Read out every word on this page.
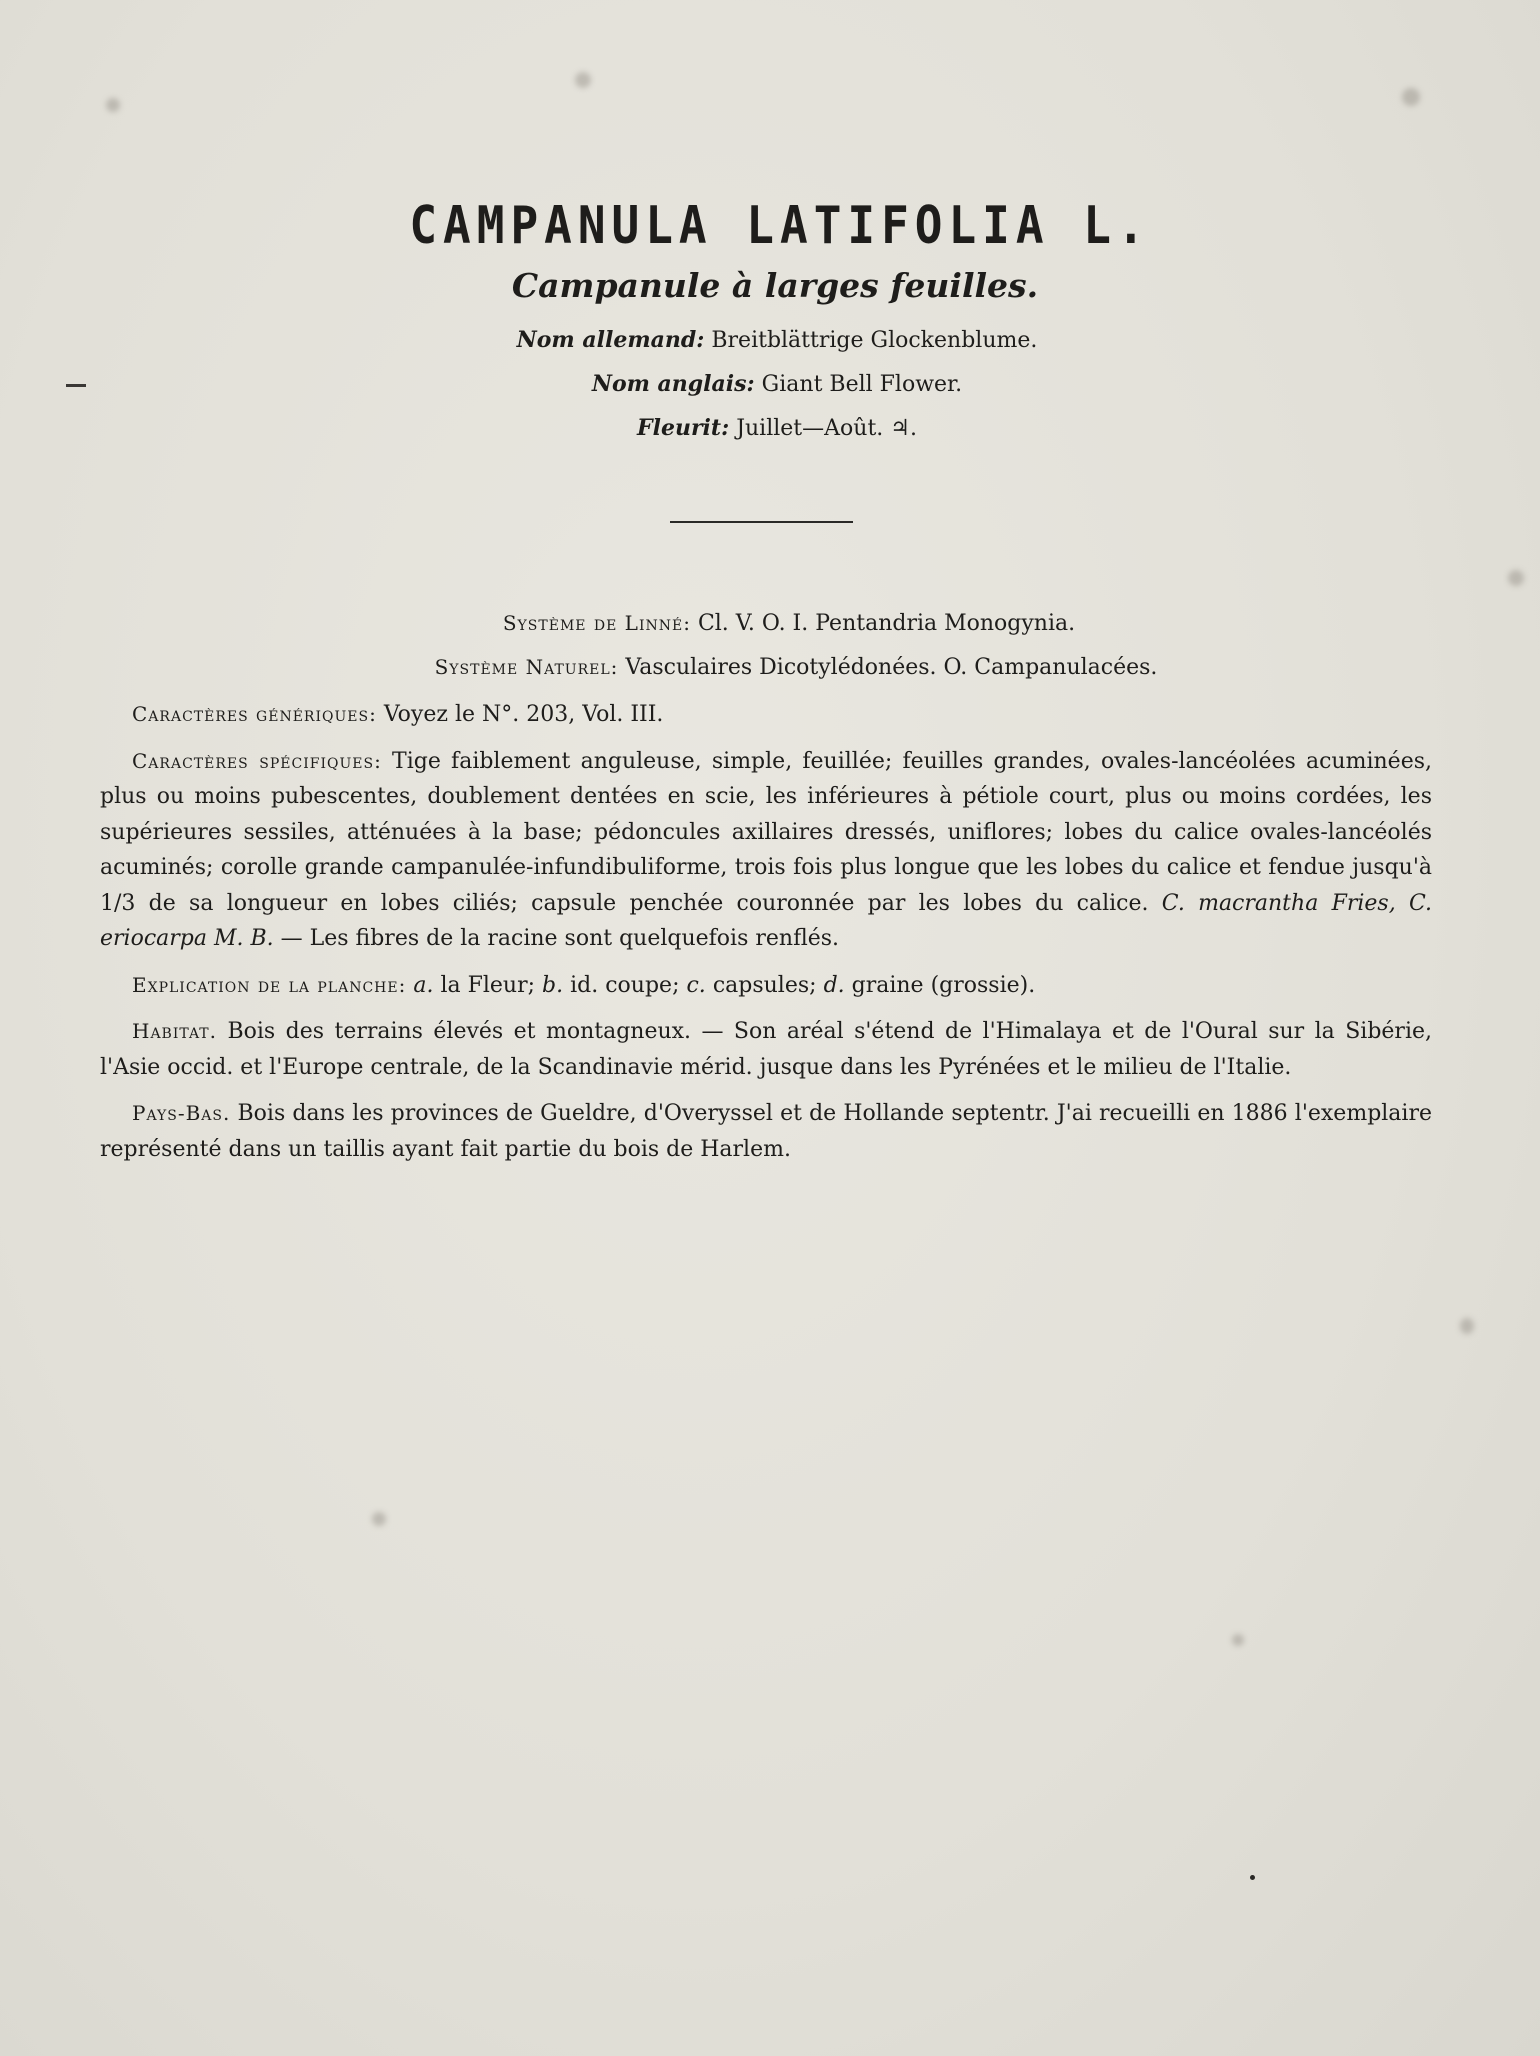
CAMPANULA LATIFOLIA L.
Campanule à larges feuilles.
Nom allemand: Breitblättrige Glockenblume.
Nom anglais: Giant Bell Flower.
Fleurit: Juillet—Août. ♃.

Système de Linné: Cl. V. O. I. Pentandria Monogynia.

Système Naturel: Vasculaires Dicotylédonées. O. Campanulacées.

Caractères génériques: Voyez le N°. 203, Vol. III.

Caractères spécifiques: Tige faiblement anguleuse, simple, feuillée; feuilles grandes, ovales-lancéolées acuminées, plus ou moins pubescentes, doublement dentées en scie, les inférieures à pétiole court, plus ou moins cordées, les supérieures sessiles, atténuées à la base; pédoncules axillaires dressés, uniflores; lobes du calice ovales-lancéolés acuminés; corolle grande campanulée-infundibuliforme, trois fois plus longue que les lobes du calice et fendue jusqu'à 1/3 de sa longueur en lobes ciliés; capsule penchée couronnée par les lobes du calice. C. macrantha Fries, C. eriocarpa M. B. — Les fibres de la racine sont quelquefois renflés.

Explication de la planche: a. la Fleur; b. id. coupe; c. capsules; d. graine (grossie).

Habitat. Bois des terrains élevés et montagneux. — Son aréal s'étend de l'Himalaya et de l'Oural sur la Sibérie, l'Asie occid. et l'Europe centrale, de la Scandinavie mérid. jusque dans les Pyrénées et le milieu de l'Italie.

Pays-Bas. Bois dans les provinces de Gueldre, d'Overyssel et de Hollande septentr. J'ai recueilli en 1886 l'exemplaire représenté dans un taillis ayant fait partie du bois de Harlem.
